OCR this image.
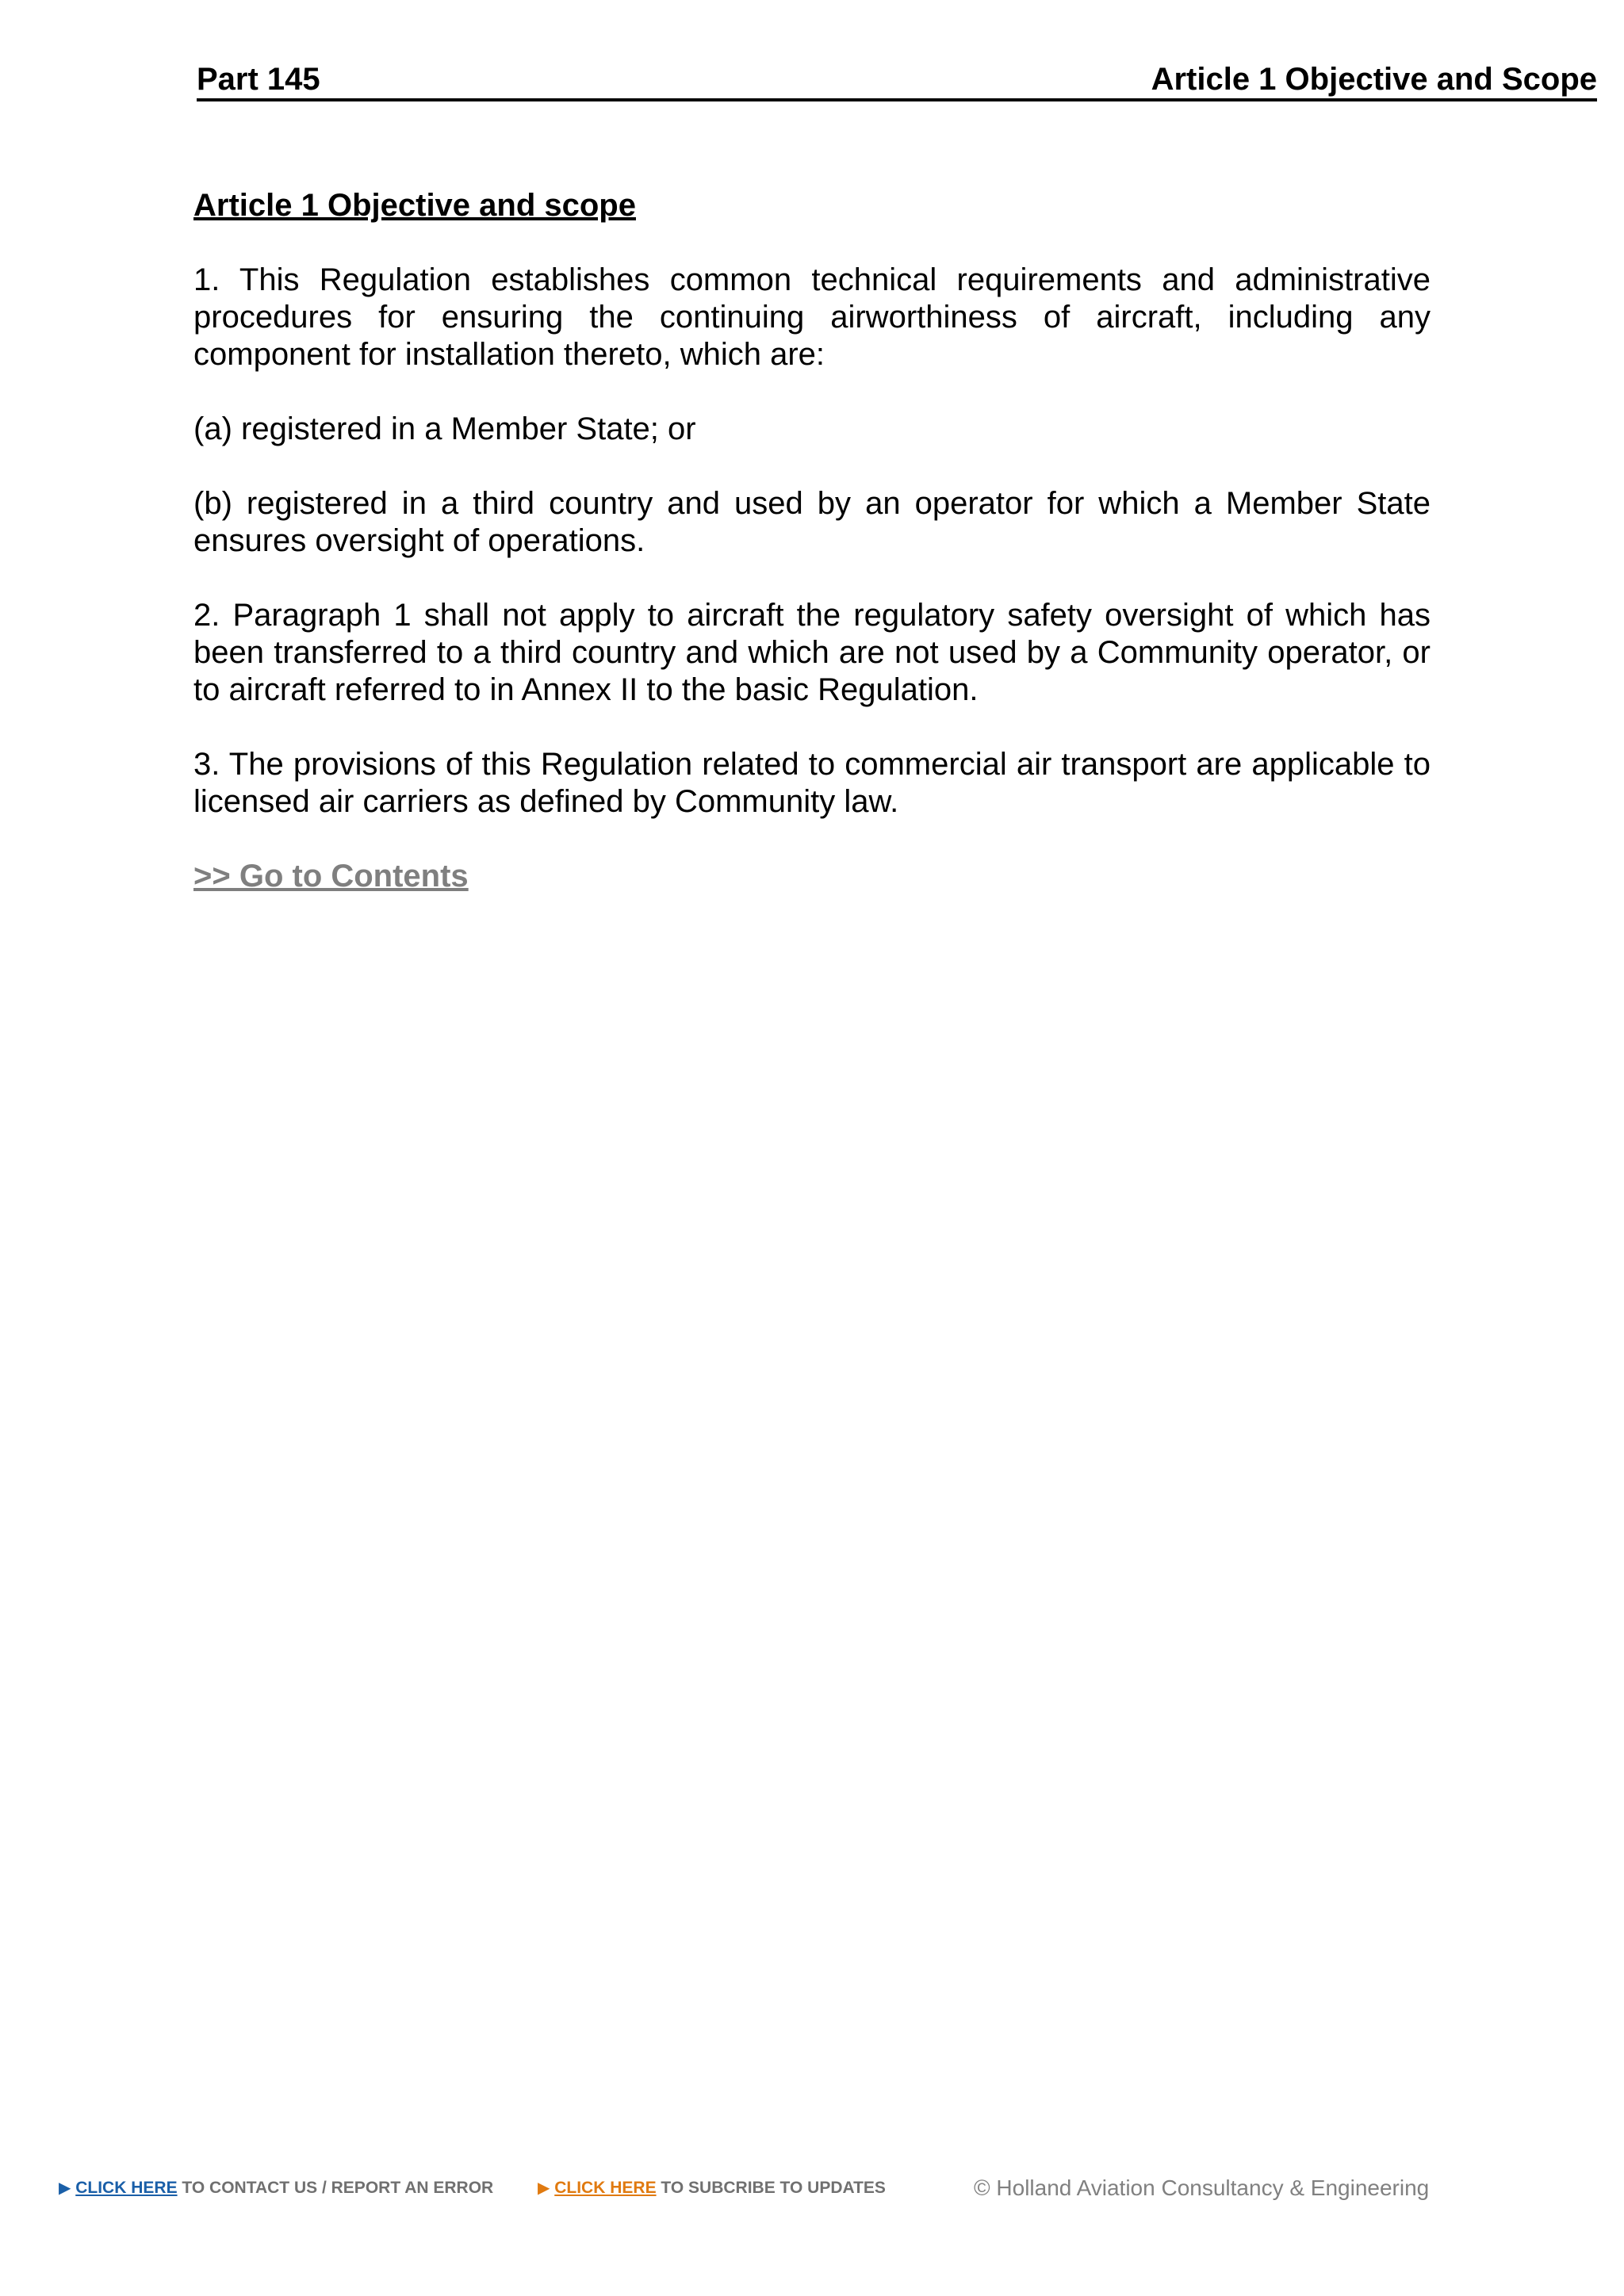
Part 145	Article 1 Objective and Scope
Article 1 Objective and scope

1. This Regulation establishes common technical requirements and administrative procedures for ensuring the continuing airworthiness of aircraft, including any component for installation thereto, which are:

(a) registered in a Member State; or

(b) registered in a third country and used by an operator for which a Member State ensures oversight of operations.

2. Paragraph 1 shall not apply to aircraft the regulatory safety oversight of which has been transferred to a third country and which are not used by a Community operator, or to aircraft referred to in Annex II to the basic Regulation.

3. The provisions of this Regulation related to commercial air transport are applicable to licensed air carriers as defined by Community law.

>> Go to Contents
▶ CLICK HERE TO CONTACT US / REPORT AN ERROR	▶ CLICK HERE TO SUBCRIBE TO UPDATES	© Holland Aviation Consultancy & Engineering
